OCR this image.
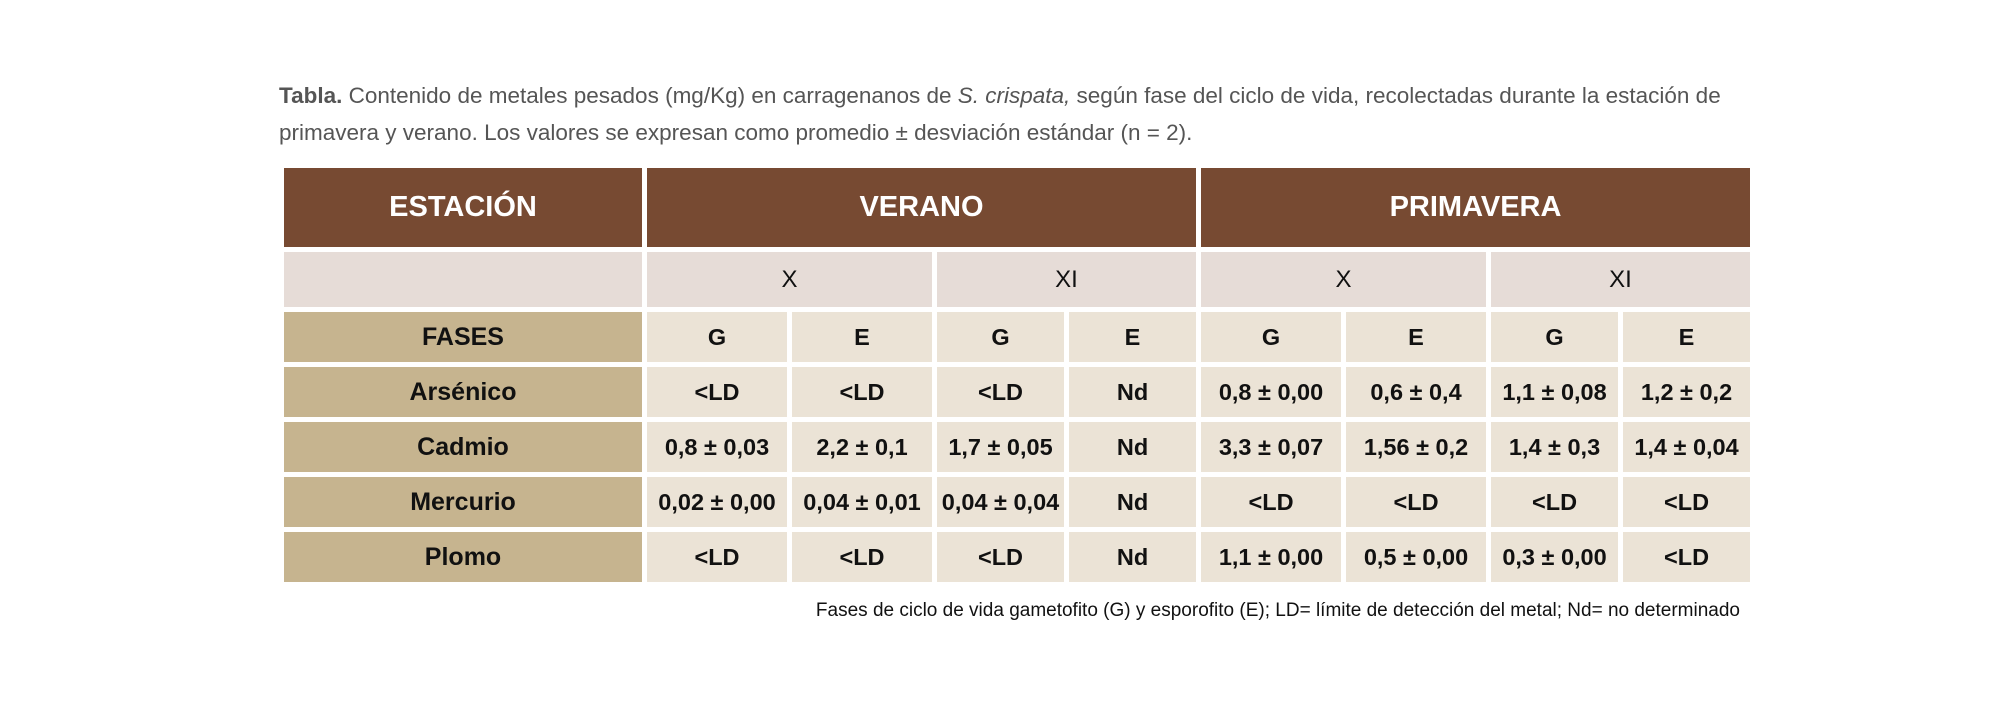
Tabla. Contenido de metales pesados (mg/Kg) en carragenanos de S. crispata, según fase del ciclo de vida, recolectadas durante la estación de primavera y verano. Los valores se expresan como promedio ± desviación estándar (n = 2).

ESTACIÓN	VERANO				PRIMAVERA			
	X		XI		X		XI	
FASES	G	E	G	E	G	E	G	E
Arsénico	<LD	<LD	<LD	Nd	0,8 ± 0,00	0,6 ± 0,4	1,1 ± 0,08	1,2 ± 0,2
Cadmio	0,8 ± 0,03	2,2 ± 0,1	1,7 ± 0,05	Nd	3,3 ± 0,07	1,56 ± 0,2	1,4 ± 0,3	1,4 ± 0,04
Mercurio	0,02 ± 0,00	0,04 ± 0,01	0,04 ± 0,04	Nd	<LD	<LD	<LD	<LD
Plomo	<LD	<LD	<LD	Nd	1,1 ± 0,00	0,5 ± 0,00	0,3 ± 0,00	<LD
Fases de ciclo de vida gametofito (G) y esporofito (E); LD= límite de detección del metal; Nd= no determinado
